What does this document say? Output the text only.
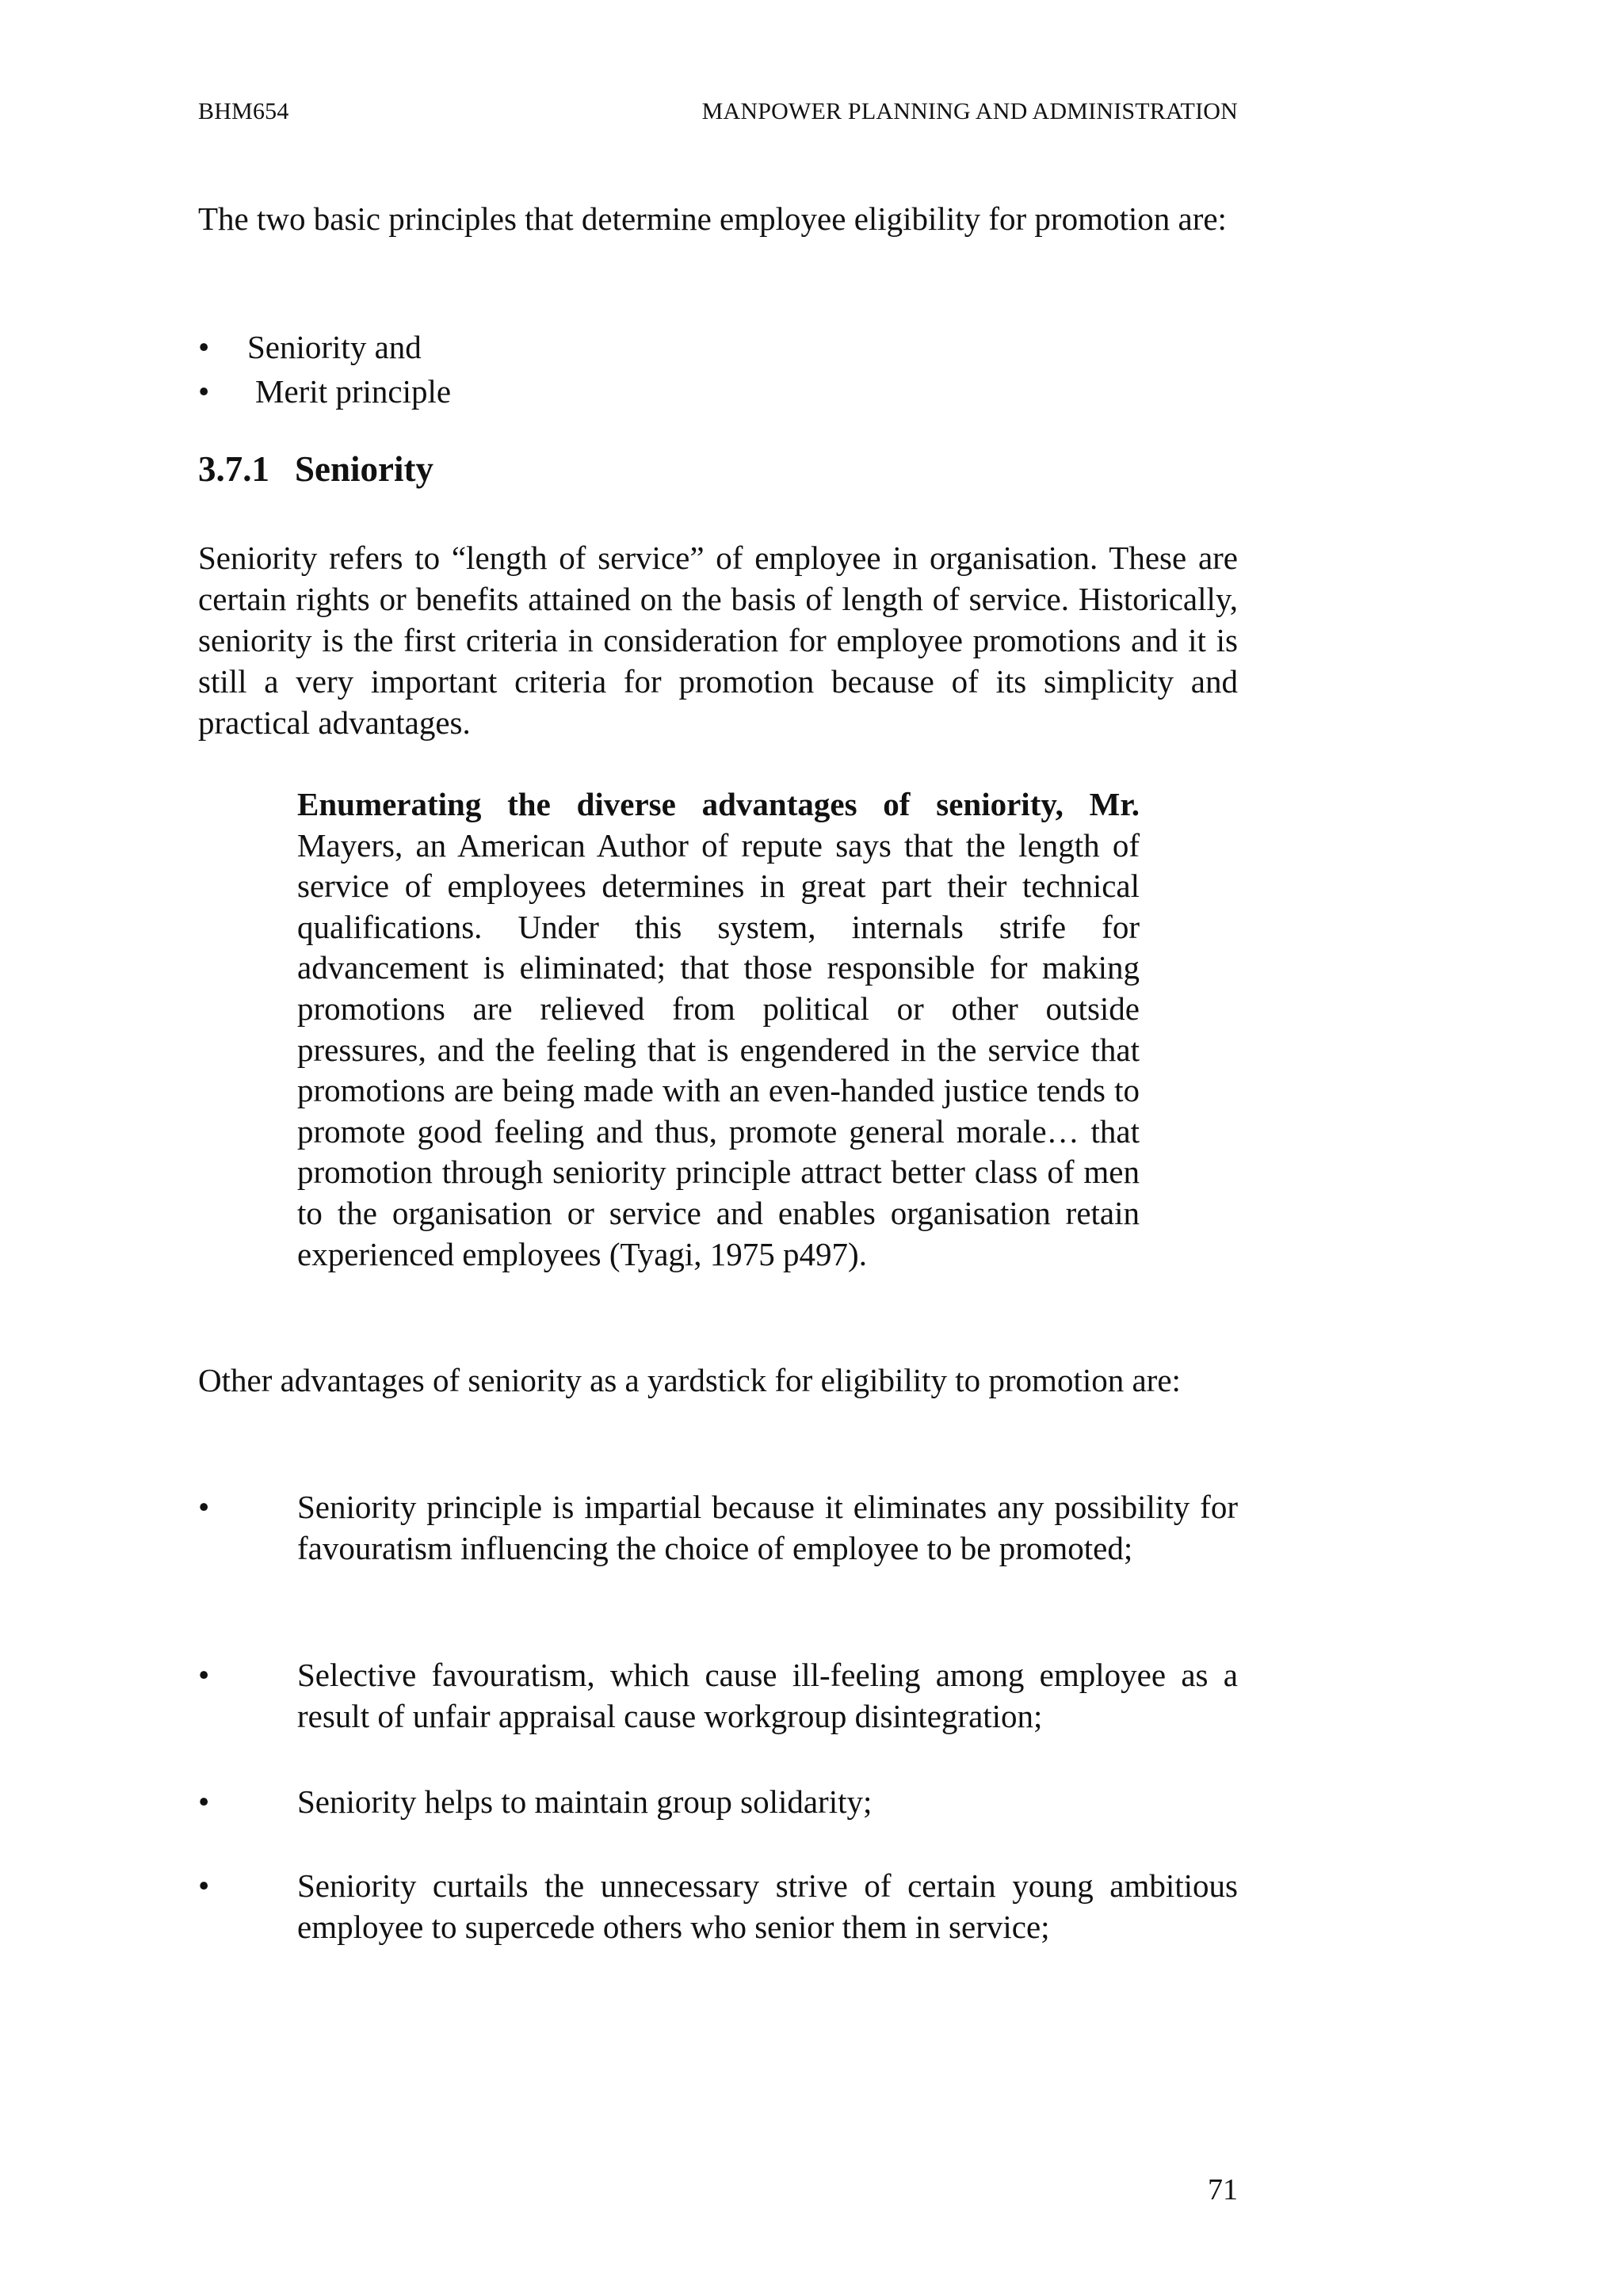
BHM654	MANPOWER PLANNING AND ADMINISTRATION

The two basic principles that determine employee eligibility for promotion are:

•	Seniority and
•	Merit principle
3.7.1 Seniority

Seniority refers to “length of service” of employee in organisation. These are certain rights or benefits attained on the basis of length of service. Historically, seniority is the first criteria in consideration for employee promotions and it is still a very important criteria for promotion because of its simplicity and practical advantages.

Enumerating the diverse advantages of seniority, Mr. Mayers, an American Author of repute says that the length of service of employees determines in great part their technical qualifications. Under this system, internals strife for advancement is eliminated; that those responsible for making promotions are relieved from political or other outside pressures, and the feeling that is engendered in the service that promotions are being made with an even-handed justice tends to promote good feeling and thus, promote general morale… that promotion through seniority principle attract better class of men to the organisation or service and enables organisation retain experienced employees (Tyagi, 1975 p497).

Other advantages of seniority as a yardstick for eligibility to promotion are:

•	Seniority principle is impartial because it eliminates any possibility for favouratism influencing the choice of employee to be promoted;
•	Selective favouratism, which cause ill-feeling among employee as a result of unfair appraisal cause workgroup disintegration;
•	Seniority helps to maintain group solidarity;
•	Seniority curtails the unnecessary strive of certain young ambitious employee to supercede others who senior them in service;
71
